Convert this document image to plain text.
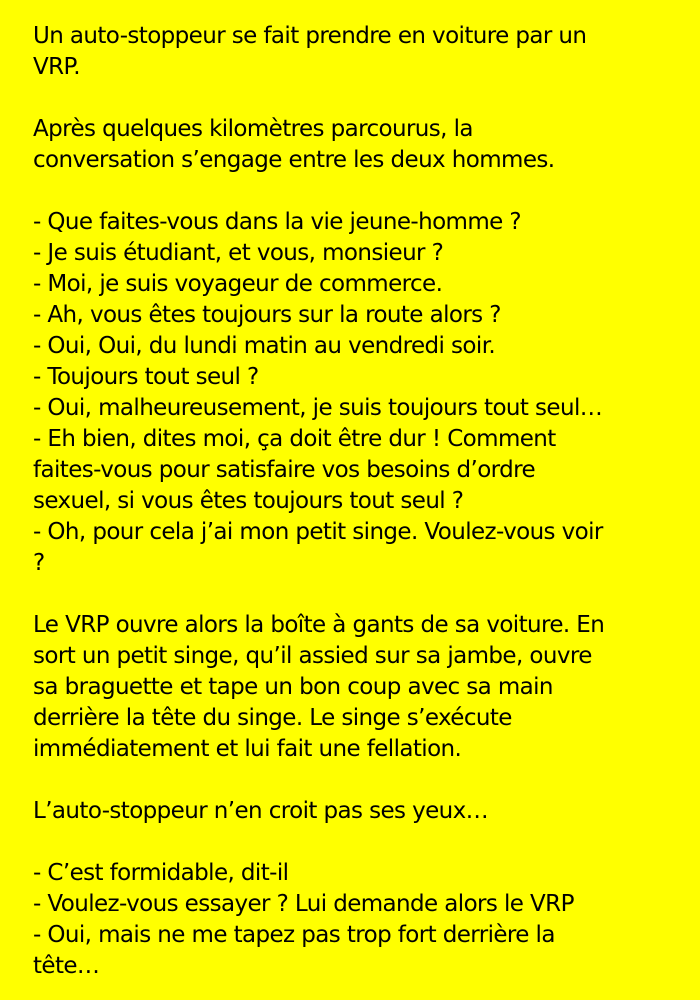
Un auto-stoppeur se fait prendre en voiture par un
VRP.

Après quelques kilomètres parcourus, la
conversation s’engage entre les deux hommes.

- Que faites-vous dans la vie jeune-homme ?
- Je suis étudiant, et vous, monsieur ?
- Moi, je suis voyageur de commerce.
- Ah, vous êtes toujours sur la route alors ?
- Oui, Oui, du lundi matin au vendredi soir.
- Toujours tout seul ?
- Oui, malheureusement, je suis toujours tout seul…
- Eh bien, dites moi, ça doit être dur ! Comment
faites-vous pour satisfaire vos besoins d’ordre
sexuel, si vous êtes toujours tout seul ?
- Oh, pour cela j’ai mon petit singe. Voulez-vous voir
?

Le VRP ouvre alors la boîte à gants de sa voiture. En
sort un petit singe, qu’il assied sur sa jambe, ouvre
sa braguette et tape un bon coup avec sa main
derrière la tête du singe. Le singe s’exécute
immédiatement et lui fait une fellation.

L’auto-stoppeur n’en croit pas ses yeux…

- C’est formidable, dit-il
- Voulez-vous essayer ? Lui demande alors le VRP
- Oui, mais ne me tapez pas trop fort derrière la
tête…
